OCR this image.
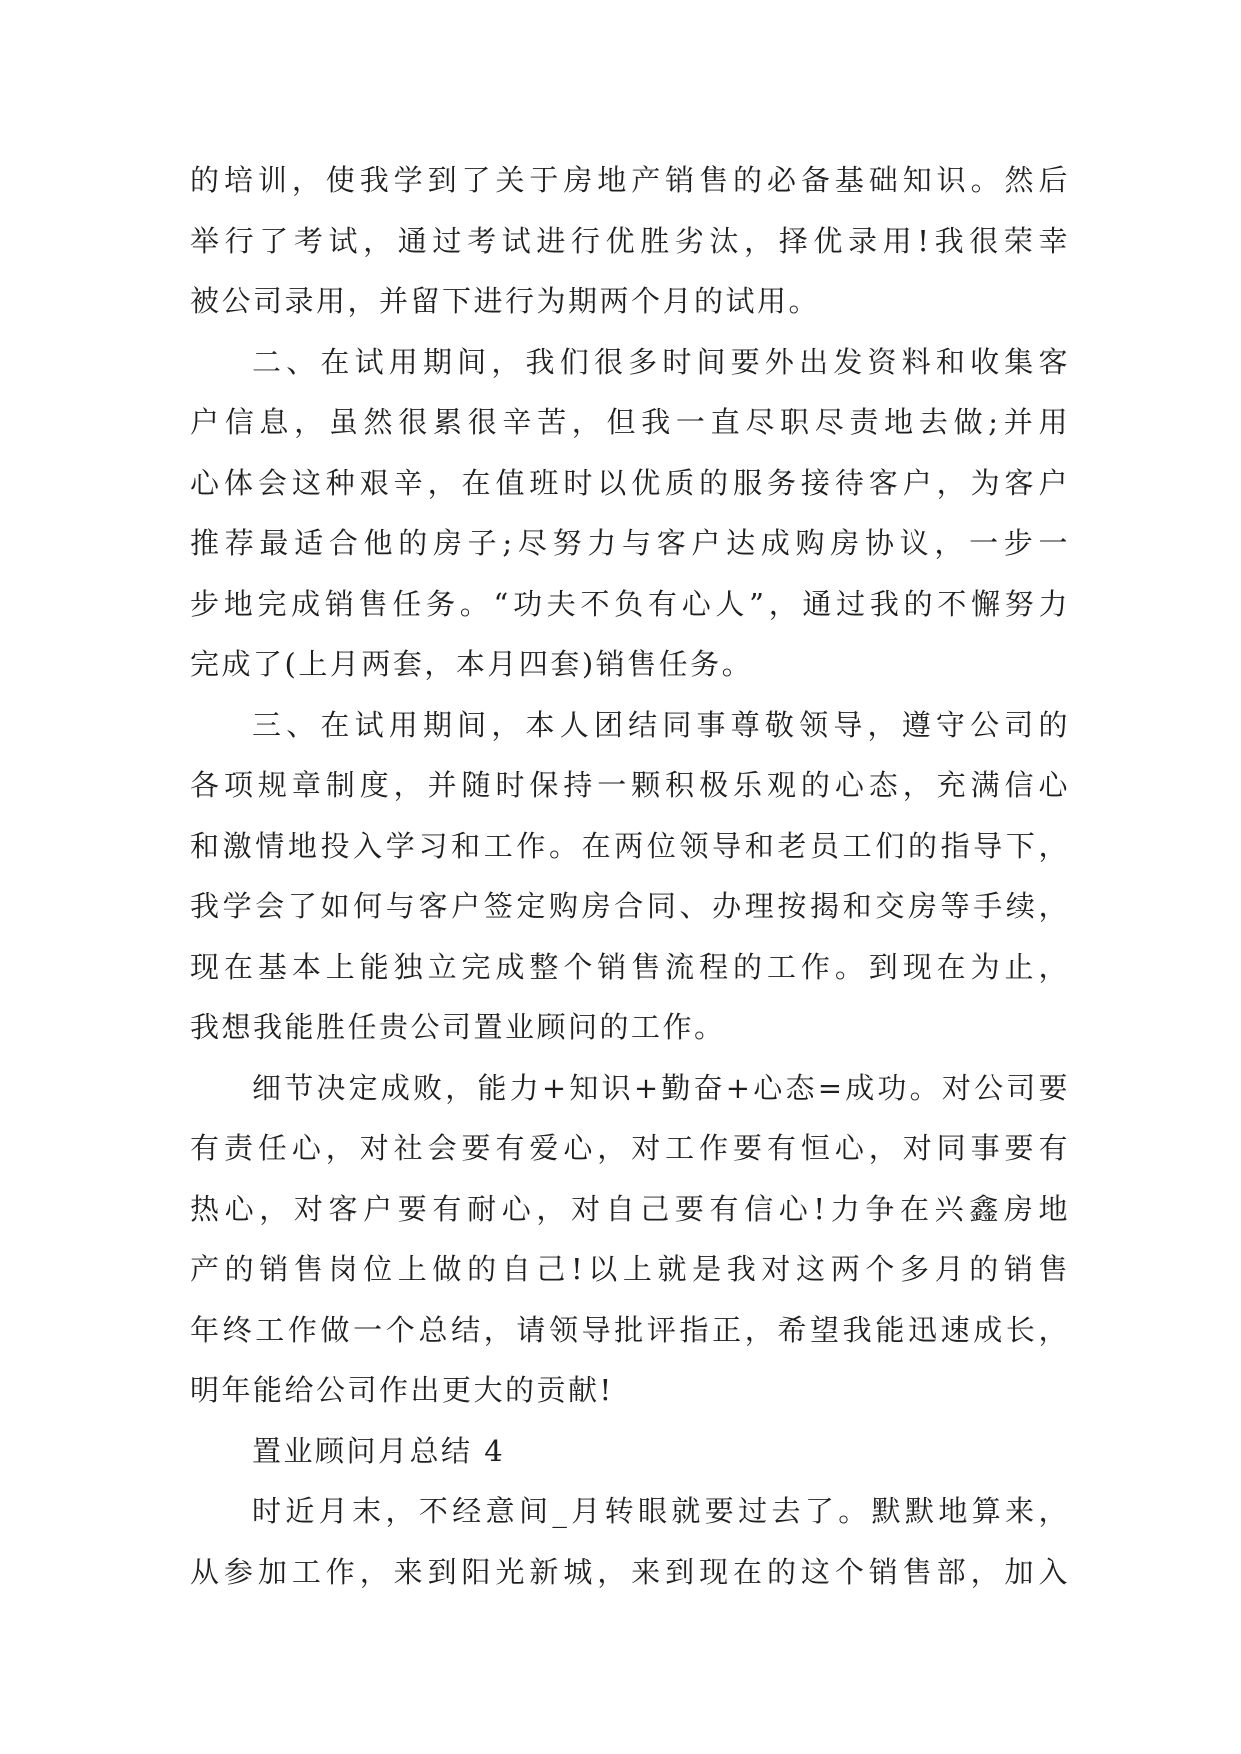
的培训，使我学到了关于房地产销售的必备基础知识。然后
举行了考试，通过考试进行优胜劣汰，择优录用!我很荣幸
被公司录用，并留下进行为期两个月的试用。
二、在试用期间，我们很多时间要外出发资料和收集客
户信息，虽然很累很辛苦，但我一直尽职尽责地去做;并用
心体会这种艰辛，在值班时以优质的服务接待客户，为客户
推荐最适合他的房子;尽努力与客户达成购房协议，一步一
步地完成销售任务。“功夫不负有心人”，通过我的不懈努力
完成了(上月两套，本月四套)销售任务。
三、在试用期间，本人团结同事尊敬领导，遵守公司的
各项规章制度，并随时保持一颗积极乐观的心态，充满信心
和激情地投入学习和工作。在两位领导和老员工们的指导下，
我学会了如何与客户签定购房合同、办理按揭和交房等手续，
现在基本上能独立完成整个销售流程的工作。到现在为止，
我想我能胜任贵公司置业顾问的工作。
细节决定成败，能力+知识+勤奋+心态=成功。对公司要
有责任心，对社会要有爱心，对工作要有恒心，对同事要有
热心，对客户要有耐心，对自己要有信心!力争在兴鑫房地
产的销售岗位上做的自己!以上就是我对这两个多月的销售
年终工作做一个总结，请领导批评指正，希望我能迅速成长，
明年能给公司作出更大的贡献!
置业顾问月总结 4
时近月末，不经意间_月转眼就要过去了。默默地算来，
从参加工作，来到阳光新城，来到现在的这个销售部，加入
